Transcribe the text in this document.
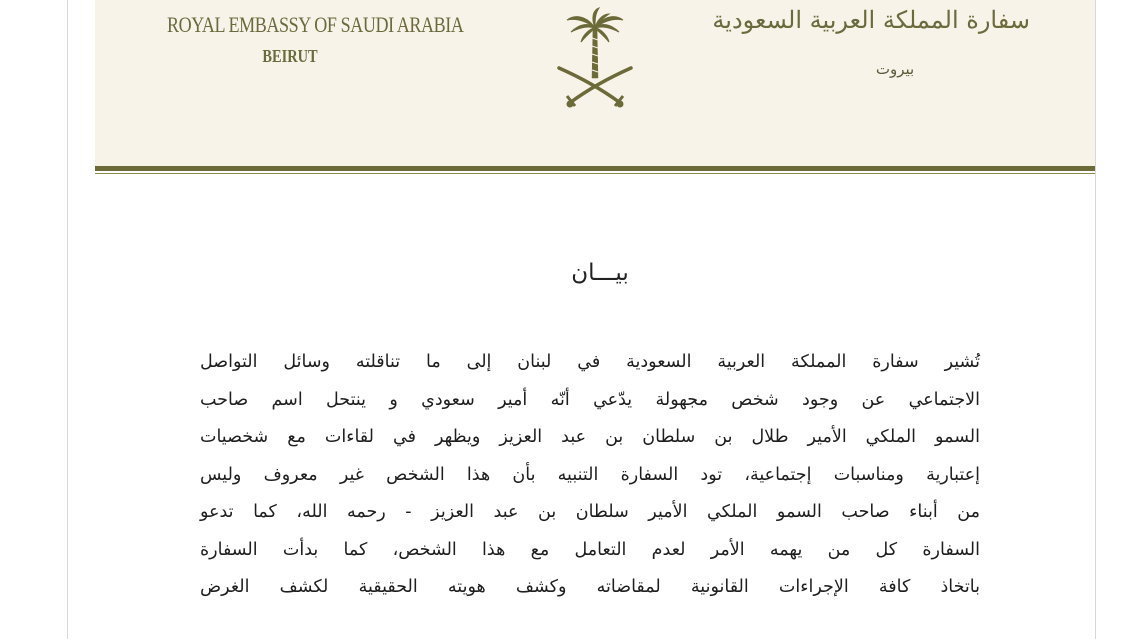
ROYAL EMBASSY OF SAUDI ARABIA
BEIRUT
سفارة المملكة العربية السعودية
بيروت
بيـــان
تُشير سفارة المملكة العربية السعودية في لبنان إلى ما تناقلته وسائل التواصل
الاجتماعي عن وجود شخص مجهولة يدّعي أنّه أمير سعودي و ينتحل اسم صاحب
السمو الملكي الأمير طلال بن سلطان بن عبد العزيز ويظهر في لقاءات مع شخصيات
إعتبارية ومناسبات إجتماعية، تود السفارة التنبيه بأن هذا الشخص غير معروف وليس
من أبناء صاحب السمو الملكي الأمير سلطان بن عبد العزيز - رحمه الله، كما تدعو
السفارة كل من يهمه الأمر لعدم التعامل مع هذا الشخص، كما بدأت السفارة
باتخاذ كافة الإجراءات القانونية لمقاضاته وكشف هويته الحقيقية لكشف الغرض
